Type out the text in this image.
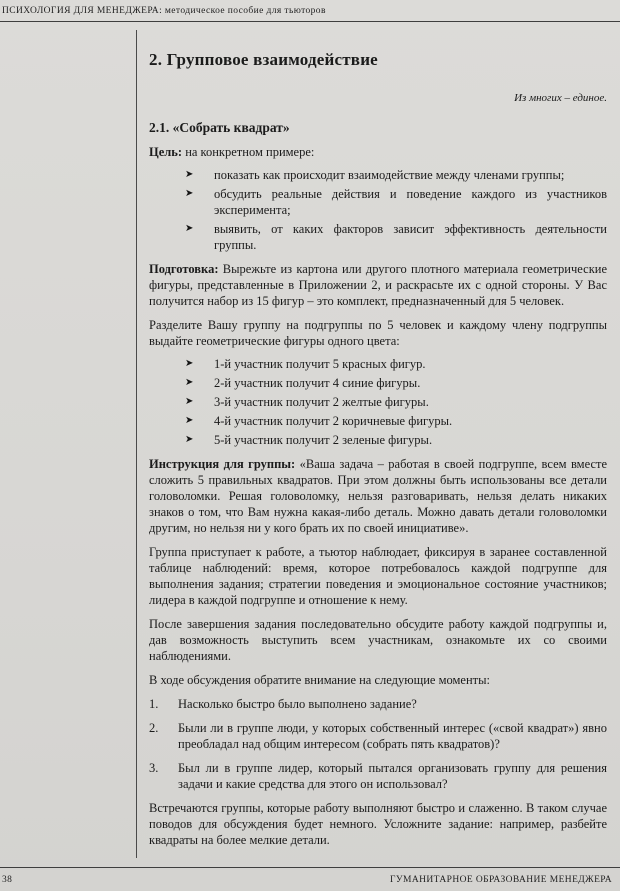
ПСИХОЛОГИЯ ДЛЯ МЕНЕДЖЕРА: методическое пособие для тьюторов
2. Групповое взаимодействие
Из многих – единое.
2.1. «Собрать квадрат»

Цель: на конкретном примере:

➤	показать как происходит взаимодействие между членами группы;
➤	обсудить реальные действия и поведение каждого из участников эксперимента;
➤	выявить, от каких факторов зависит эффективность деятельности группы.

Подготовка: Вырежьте из картона или другого плотного материала геометрические фигуры, представленные в Приложении 2, и раскрасьте их с одной стороны. У Вас получится набор из 15 фигур – это комплект, предназначенный для 5 человек.

Разделите Вашу группу на подгруппы по 5 человек и каждому члену подгруппы выдайте геометрические фигуры одного цвета:

➤	1-й участник получит 5 красных фигур.
➤	2-й участник получит 4 синие фигуры.
➤	3-й участник получит 2 желтые фигуры.
➤	4-й участник получит 2 коричневые фигуры.
➤	5-й участник получит 2 зеленые фигуры.

Инструкция для группы: «Ваша задача – работая в своей подгруппе, всем вместе сложить 5 правильных квадратов. При этом должны быть использованы все детали головоломки. Решая головоломку, нельзя разговаривать, нельзя делать никаких знаков о том, что Вам нужна какая-либо деталь. Можно давать детали головоломки другим, но нельзя ни у кого брать их по своей инициативе».

Группа приступает к работе, а тьютор наблюдает, фиксируя в заранее составленной таблице наблюдений: время, которое потребовалось каждой подгруппе для выполнения задания; стратегии поведения и эмоциональное состояние участников; лидера в каждой подгруппе и отношение к нему.

После завершения задания последовательно обсудите работу каждой подгруппы и, дав возможность выступить всем участникам, ознакомьте их со своими наблюдениями.

В ходе обсуждения обратите внимание на следующие моменты:

1.	Насколько быстро было выполнено задание?
2.	Были ли в группе люди, у которых собственный интерес («свой квадрат») явно преобладал над общим интересом (собрать пять квадратов)?
3.	Был ли в группе лидер, который пытался организовать группу для решения задачи и какие средства для этого он использовал?

Встречаются группы, которые работу выполняют быстро и слаженно. В таком случае поводов для обсуждения будет немного. Усложните задание: например, разбейте квадраты на более мелкие детали.

38	ГУМАНИТАРНОЕ ОБРАЗОВАНИЕ МЕНЕДЖЕРА
